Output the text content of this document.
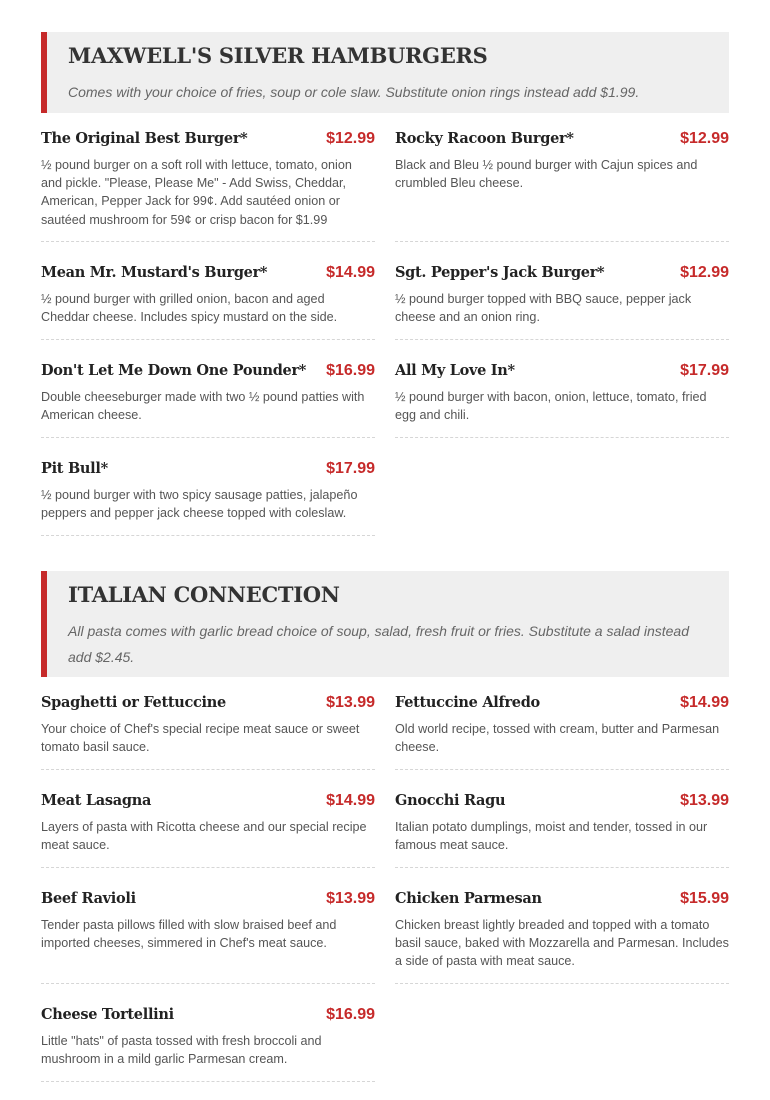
MAXWELL'S SILVER HAMBURGERS

Comes with your choice of fries, soup or cole slaw. Substitute onion rings instead add $1.99.

The Original Best Burger*	$12.99

½ pound burger on a soft roll with lettuce, tomato, onion and pickle. "Please, Please Me" - Add Swiss, Cheddar, American, Pepper Jack for 99¢. Add sautéed onion or sautéed mushroom for 59¢ or crisp bacon for $1.99

Rocky Racoon Burger*	$12.99

Black and Bleu ½ pound burger with Cajun spices and crumbled Bleu cheese.

Mean Mr. Mustard's Burger*	$14.99

½ pound burger with grilled onion, bacon and aged Cheddar cheese. Includes spicy mustard on the side.

Sgt. Pepper's Jack Burger*	$12.99

½ pound burger topped with BBQ sauce, pepper jack cheese and an onion ring.

Don't Let Me Down One Pounder* $16.99

Double cheeseburger made with two ½ pound patties with American cheese.

All My Love In*	$17.99

½ pound burger with bacon, onion, lettuce, tomato, fried egg and chili.

Pit Bull*	$17.99

½ pound burger with two spicy sausage patties, jalapeño peppers and pepper jack cheese topped with coleslaw.

ITALIAN CONNECTION

All pasta comes with garlic bread choice of soup, salad, fresh fruit or fries. Substitute a salad instead add $2.45.

Spaghetti or Fettuccine	$13.99

Your choice of Chef's special recipe meat sauce or sweet tomato basil sauce.

Fettuccine Alfredo	$14.99

Old world recipe, tossed with cream, butter and Parmesan cheese.

Meat Lasagna	$14.99

Layers of pasta with Ricotta cheese and our special recipe meat sauce.

Gnocchi Ragu	$13.99

Italian potato dumplings, moist and tender, tossed in our famous meat sauce.

Beef Ravioli	$13.99

Tender pasta pillows filled with slow braised beef and imported cheeses, simmered in Chef's meat sauce.

Chicken Parmesan	$15.99

Chicken breast lightly breaded and topped with a tomato basil sauce, baked with Mozzarella and Parmesan. Includes a side of pasta with meat sauce.

Cheese Tortellini	$16.99

Little "hats" of pasta tossed with fresh broccoli and mushroom in a mild garlic Parmesan cream.
